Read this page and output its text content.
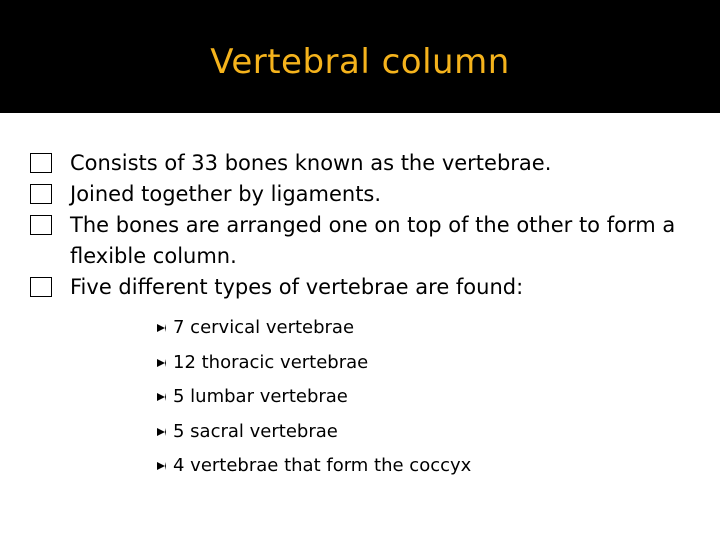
Vertebral column
Consists of 33 bones known as the vertebrae.
Joined together by ligaments.
The bones are arranged one on top of the other to form a flexible column.
Five different types of vertebrae are found:
7 cervical vertebrae
12 thoracic vertebrae
5 lumbar vertebrae
5 sacral vertebrae
4 vertebrae that form the coccyx
